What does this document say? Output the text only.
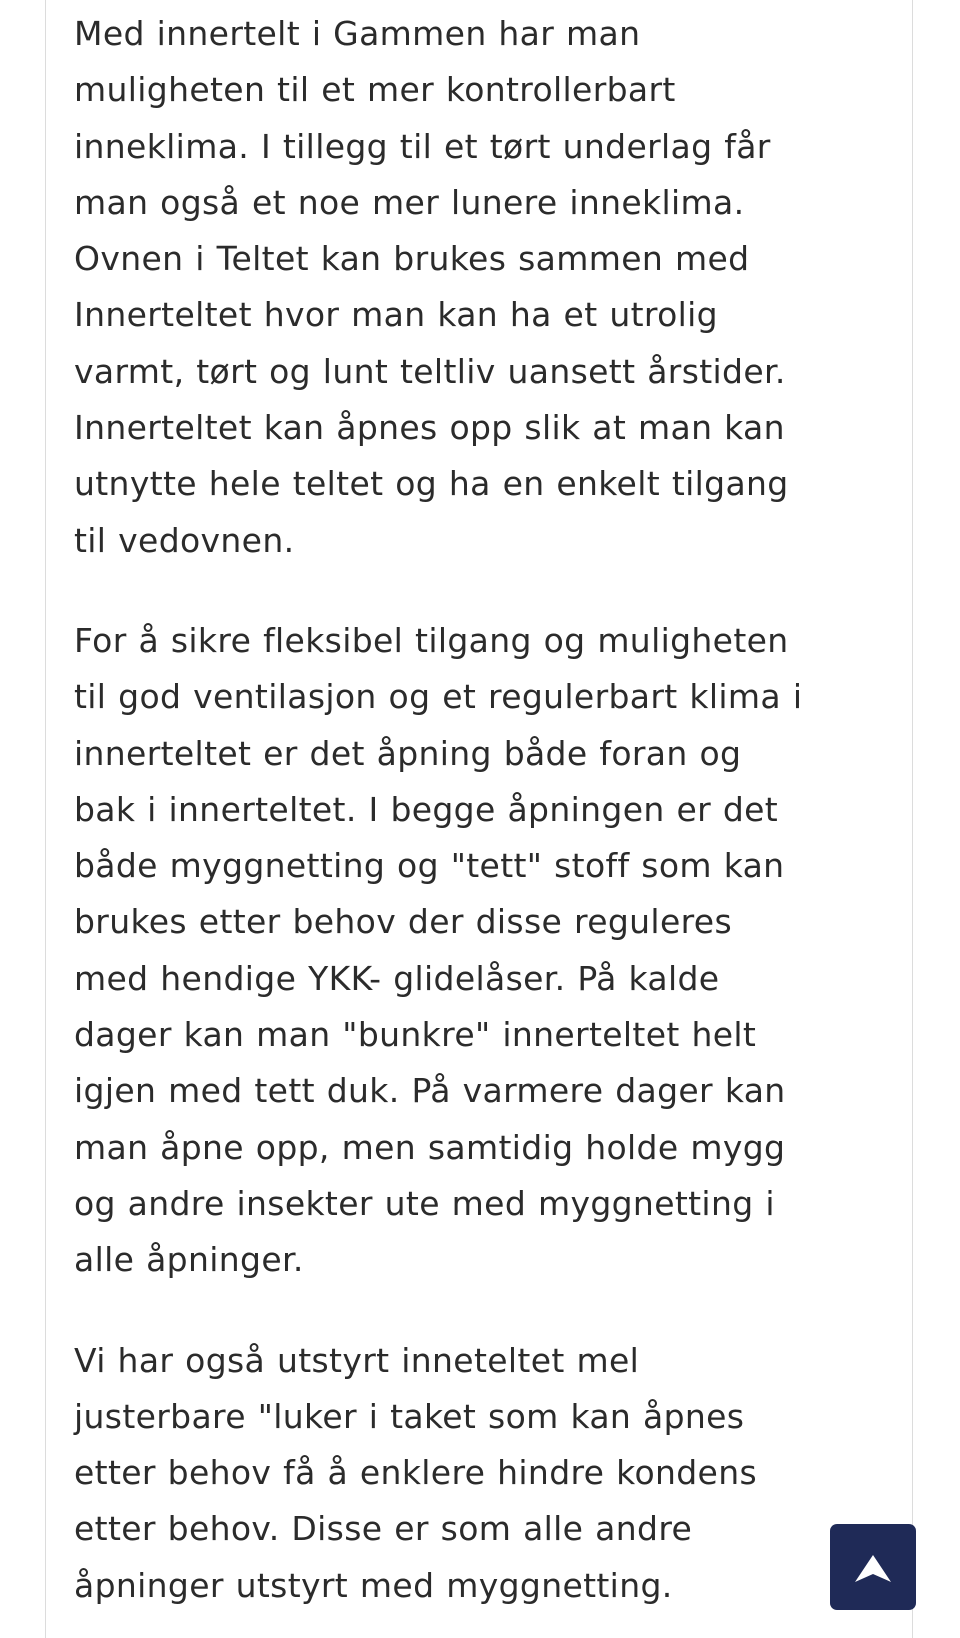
Med innertelt i Gammen har man
muligheten til et mer kontrollerbart
inneklima. I tillegg til et tørt underlag får
man også et noe mer lunere inneklima.
Ovnen i Teltet kan brukes sammen med
Innerteltet hvor man kan ha et utrolig
varmt, tørt og lunt teltliv uansett årstider.
Innerteltet kan åpnes opp slik at man kan
utnytte hele teltet og ha en enkelt tilgang
til vedovnen.

For å sikre fleksibel tilgang og muligheten
til god ventilasjon og et regulerbart klima i
innerteltet er det åpning både foran og
bak i innerteltet. I begge åpningen er det
både myggnetting og "tett" stoff som kan
brukes etter behov der disse reguleres
med hendige YKK- glidelåser. På kalde
dager kan man "bunkre" innerteltet helt
igjen med tett duk. På varmere dager kan
man åpne opp, men samtidig holde mygg
og andre insekter ute med myggnetting i
alle åpninger.

Vi har også utstyrt inneteltet mel
justerbare "luker i taket som kan åpnes
etter behov få å enklere hindre kondens
etter behov. Disse er som alle andre
åpninger utstyrt med myggnetting.
